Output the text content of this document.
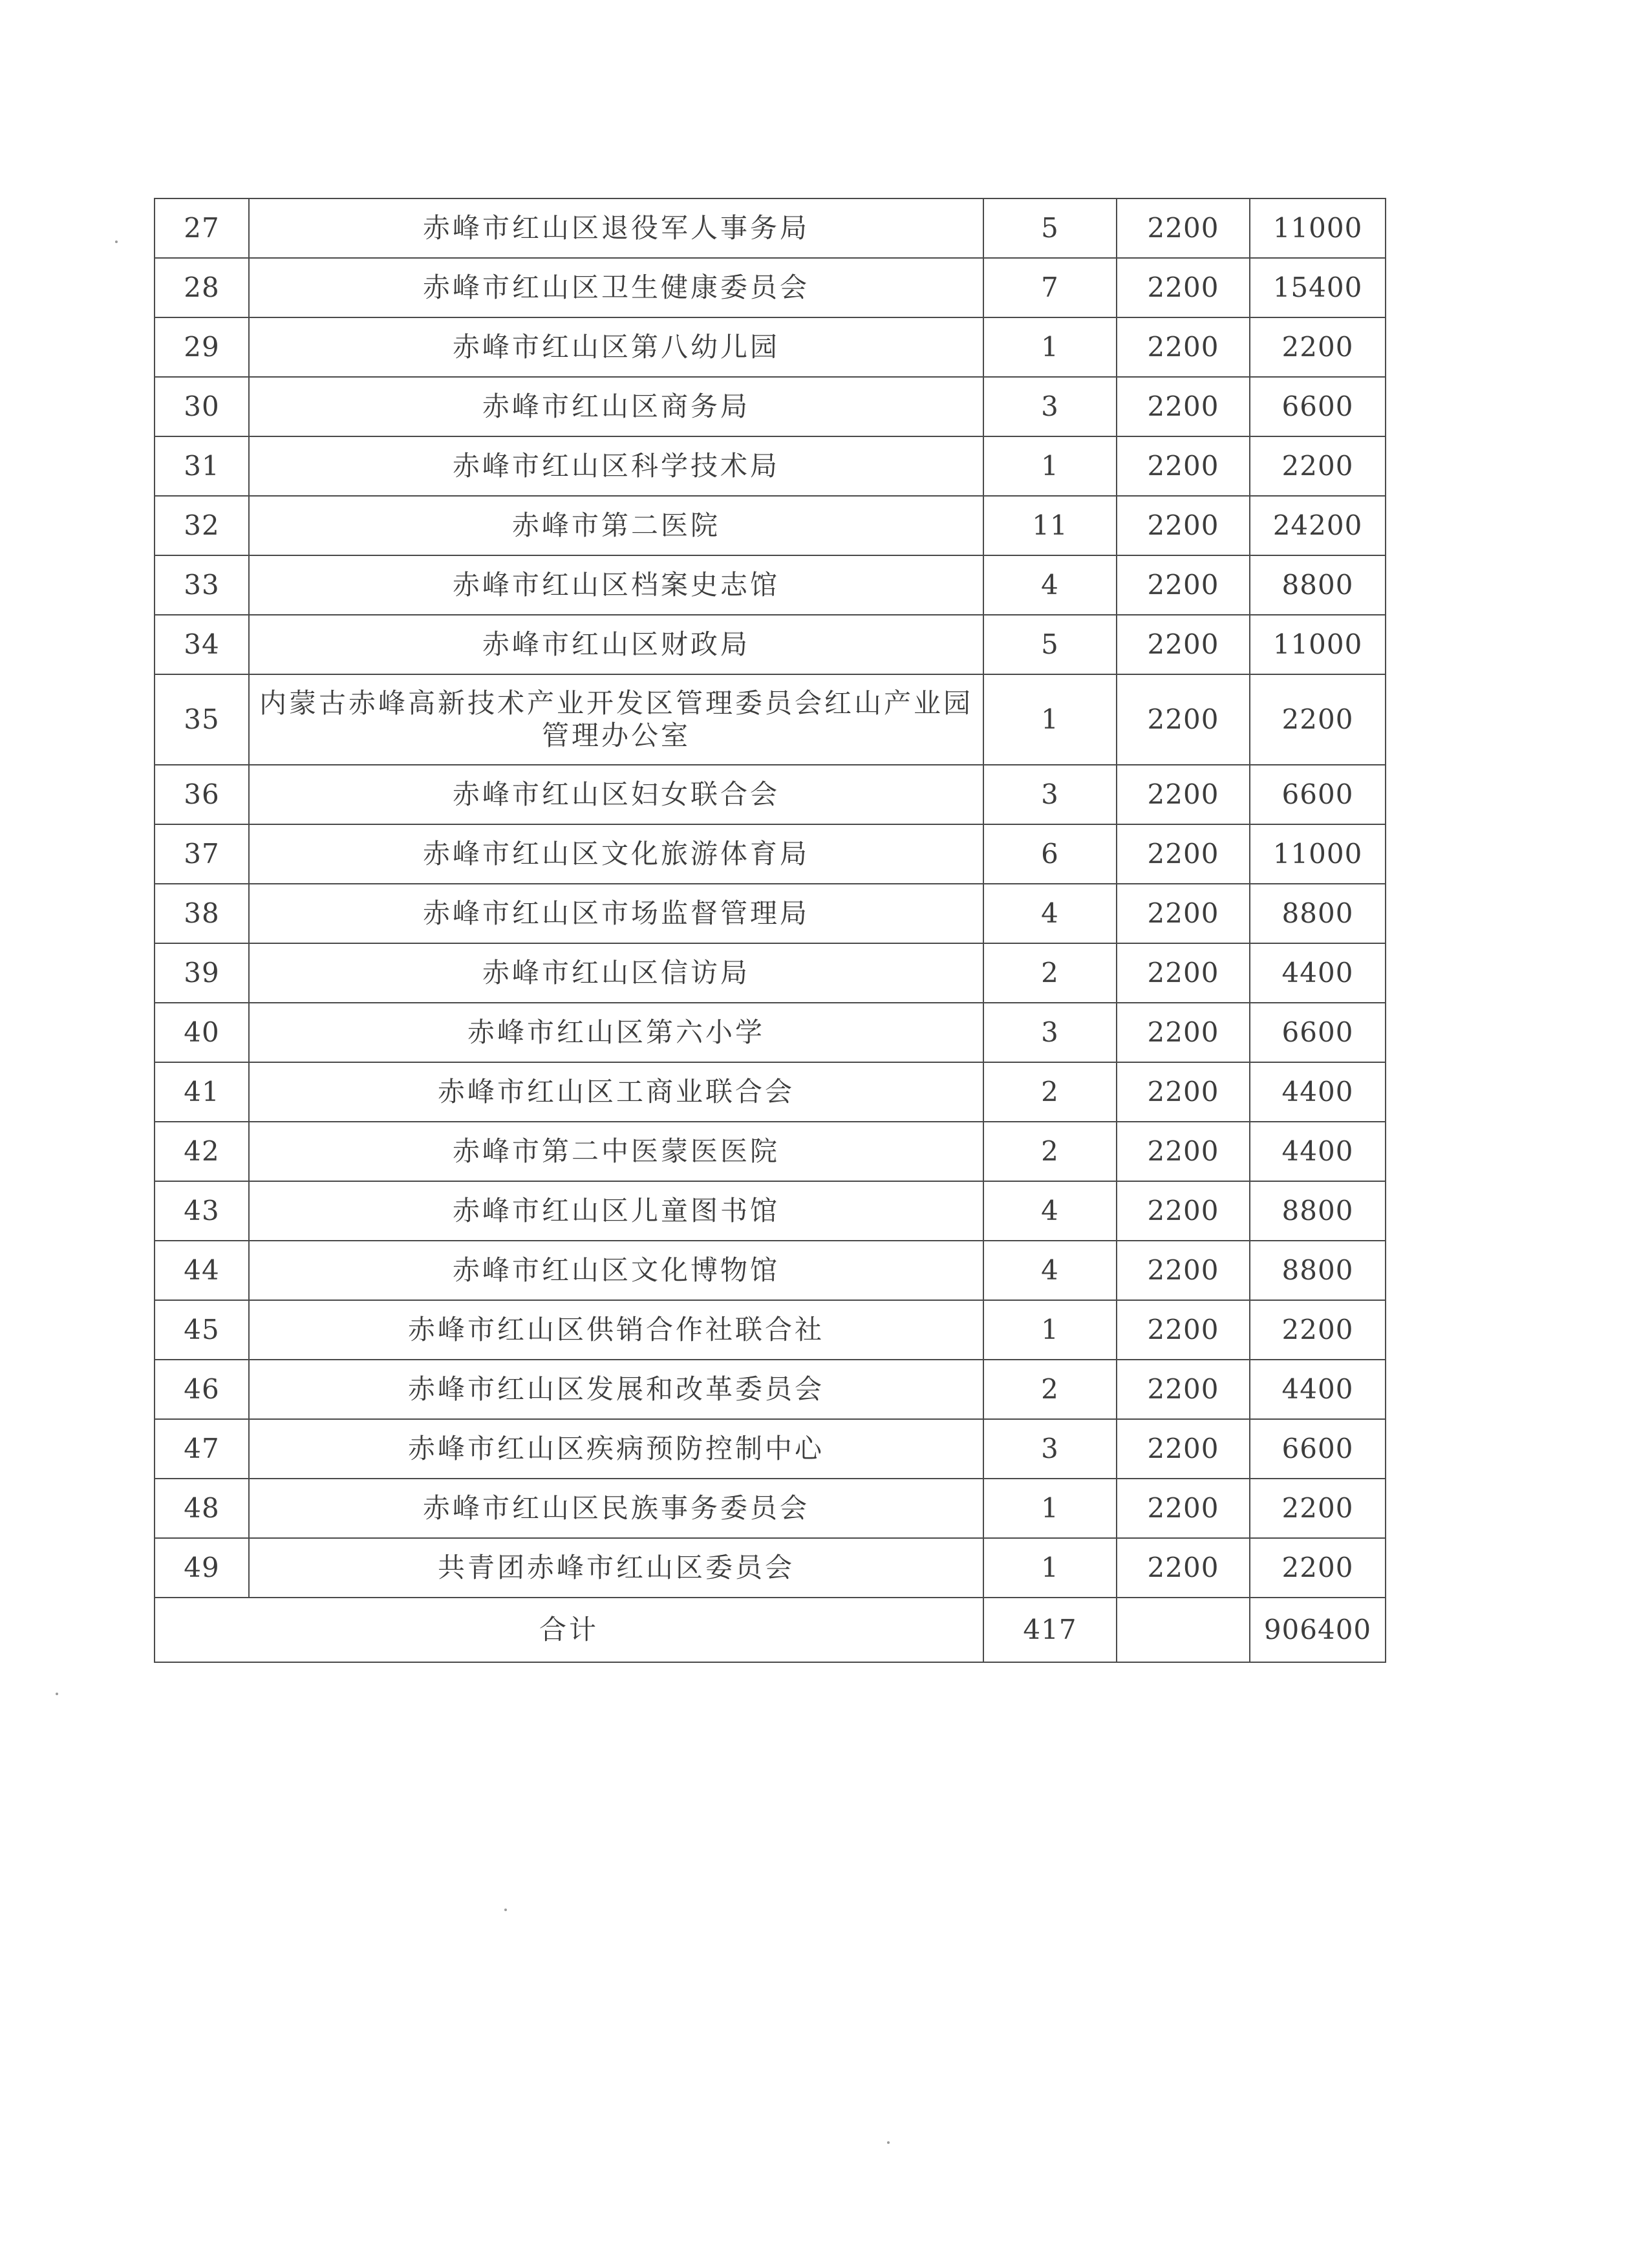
27	赤峰市红山区退役军人事务局	5	2200	11000
28	赤峰市红山区卫生健康委员会	7	2200	15400
29	赤峰市红山区第八幼儿园	1	2200	2200
30	赤峰市红山区商务局	3	2200	6600
31	赤峰市红山区科学技术局	1	2200	2200
32	赤峰市第二医院	11	2200	24200
33	赤峰市红山区档案史志馆	4	2200	8800
34	赤峰市红山区财政局	5	2200	11000
35	内蒙古赤峰高新技术产业开发区管理委员会红山产业园
管理办公室	1	2200	2200
36	赤峰市红山区妇女联合会	3	2200	6600
37	赤峰市红山区文化旅游体育局	6	2200	11000
38	赤峰市红山区市场监督管理局	4	2200	8800
39	赤峰市红山区信访局	2	2200	4400
40	赤峰市红山区第六小学	3	2200	6600
41	赤峰市红山区工商业联合会	2	2200	4400
42	赤峰市第二中医蒙医医院	2	2200	4400
43	赤峰市红山区儿童图书馆	4	2200	8800
44	赤峰市红山区文化博物馆	4	2200	8800
45	赤峰市红山区供销合作社联合社	1	2200	2200
46	赤峰市红山区发展和改革委员会	2	2200	4400
47	赤峰市红山区疾病预防控制中心	3	2200	6600
48	赤峰市红山区民族事务委员会	1	2200	2200
49	共青团赤峰市红山区委员会	1	2200	2200
合计		417		906400
